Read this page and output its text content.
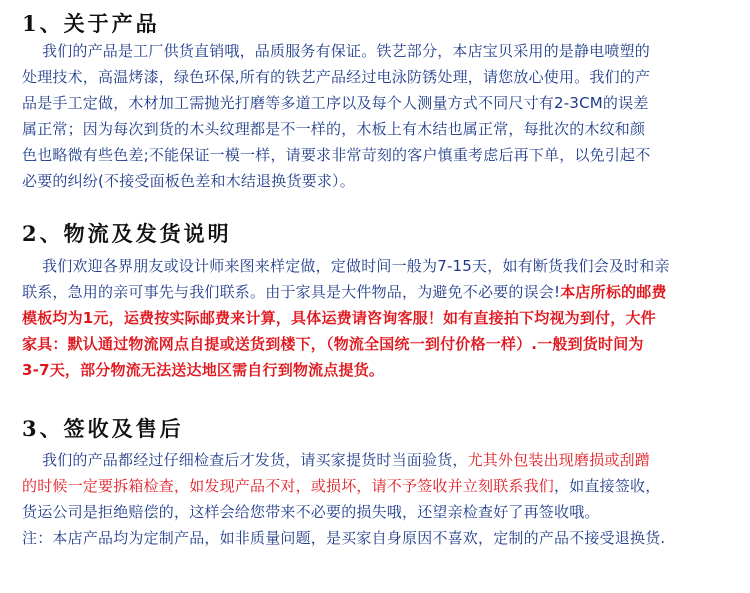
1、关于产品
我们的产品是工厂供货直销哦，品质服务有保证。铁艺部分，本店宝贝采用的是静电喷塑的
处理技术，高温烤漆，绿色环保,所有的铁艺产品经过电泳防锈处理，请您放心使用。我们的产
品是手工定做，木材加工需抛光打磨等多道工序以及每个人测量方式不同尺寸有2-3CM的误差
属正常；因为每次到货的木头纹理都是不一样的，木板上有木结也属正常，每批次的木纹和颜
色也略微有些色差;不能保证一模一样，请要求非常苛刻的客户慎重考虑后再下单，以免引起不
必要的纠纷(不接受面板色差和木结退换货要求）。
2、物流及发货说明
我们欢迎各界朋友或设计师来图来样定做，定做时间一般为7-15天，如有断货我们会及时和亲
联系，急用的亲可事先与我们联系。由于家具是大件物品，为避免不必要的误会!本店所标的邮费
模板均为1元，运费按实际邮费来计算，具体运费请咨询客服！如有直接拍下均视为到付，大件
家具：默认通过物流网点自提或送货到楼下，（物流全国统一到付价格一样）.一般到货时间为
3-7天，部分物流无法送达地区需自行到物流点提货。
3、签收及售后
我们的产品都经过仔细检查后才发货，请买家提货时当面验货，尤其外包装出现磨损或刮蹭
的时候一定要拆箱检查，如发现产品不对，或损坏，请不予签收并立刻联系我们，如直接签收，
货运公司是拒绝赔偿的，这样会给您带来不必要的损失哦，还望亲检查好了再签收哦。
注：本店产品均为定制产品，如非质量问题，是买家自身原因不喜欢，定制的产品不接受退换货.
